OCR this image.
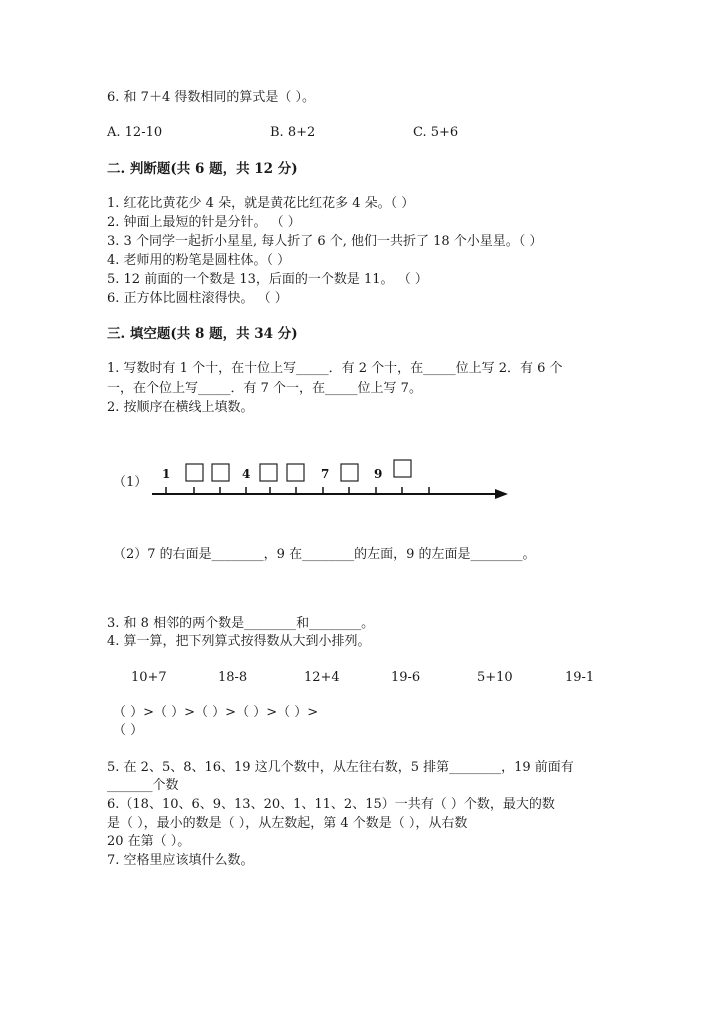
6. 和 7＋4 得数相同的算式是（ ）。
A. 12-10	B. 8+2	C. 5+6
二. 判断题(共 6 题，共 12 分)
1. 红花比黄花少 4 朵，就是黄花比红花多 4 朵。（ ）
2. 钟面上最短的针是分针。 （ ）
3. 3 个同学一起折小星星, 每人折了 6 个, 他们一共折了 18 个小星星。（ ）
4. 老师用的粉笔是圆柱体。（ ）
5. 12 前面的一个数是 13，后面的一个数是 11。 （ ）
6. 正方体比圆柱滚得快。 （ ）
三. 填空题(共 8 题，共 34 分)
1. 写数时有 1 个十，在十位上写_____．有 2 个十，在_____位上写 2．有 6 个
一，在个位上写_____．有 7 个一，在_____位上写 7。
2. 按顺序在横线上填数。
（1）
1	4	7	9
（2）7 的右面是________，9 在________的左面，9 的左面是________。
3. 和 8 相邻的两个数是________和________。
4. 算一算，把下列算式按得数从大到小排列。
10+7	18-8	12+4	19-6	5+10	19-1
（ ）>（ ）>（ ）>（ ）>（ ）>
（ ）
5. 在 2、5、8、16、19 这几个数中，从左往右数，5 排第________，19 前面有
_______个数
6.（18、10、6、9、13、20、1、11、2、15）一共有（ ）个数，最大的数
是（ ），最小的数是（ ），从左数起，第 4 个数是（ ），从右数
20 在第（ ）。
7. 空格里应该填什么数。
